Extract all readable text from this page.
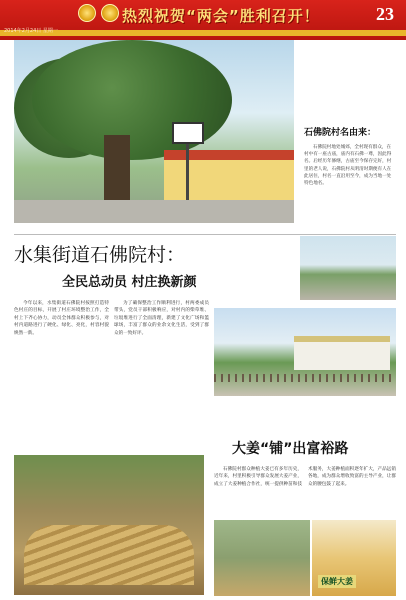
热烈祝贺“两会”胜利召开！	23
2014年2月24日 星期一
石佛院村名由来：
石佛院村地处城郊，全村现有群众，在村中有一座古庙，庙内有石佛一尊，因此得名。后经历年修缮，古庙至今保存完好，村里的老人说，石佛院村从明清时期便有人在此居住，村名一直沿用至今，成为当地一处特色地名。
水集街道石佛院村：
全民总动员 村庄换新颜

今年以来，水集街道石佛院村按照打造特色村庄的目标，开展了村庄环境整治工作，全村上下齐心协力，动员全体群众积极参与，对村内道路进行了硬化、绿化、亮化，村容村貌焕然一新。

为了确保整治工作顺利进行，村两委成员带头，党员干部积极响应，对村内的柴草堆、垃圾堆进行了全面清理，新建了文化广场和篮球场，丰富了群众的业余文化生活，受到了群众的一致好评。

大姜“铺”出富裕路

石佛院村群众种植大姜已有多年历史，近年来，村里积极引导群众发展大姜产业，成立了大姜种植合作社，统一提供种苗和技术服务，大姜种植面积逐年扩大，产品远销各地，成为群众增收致富的主导产业，让群众的腰包鼓了起来。

保鲜大姜
